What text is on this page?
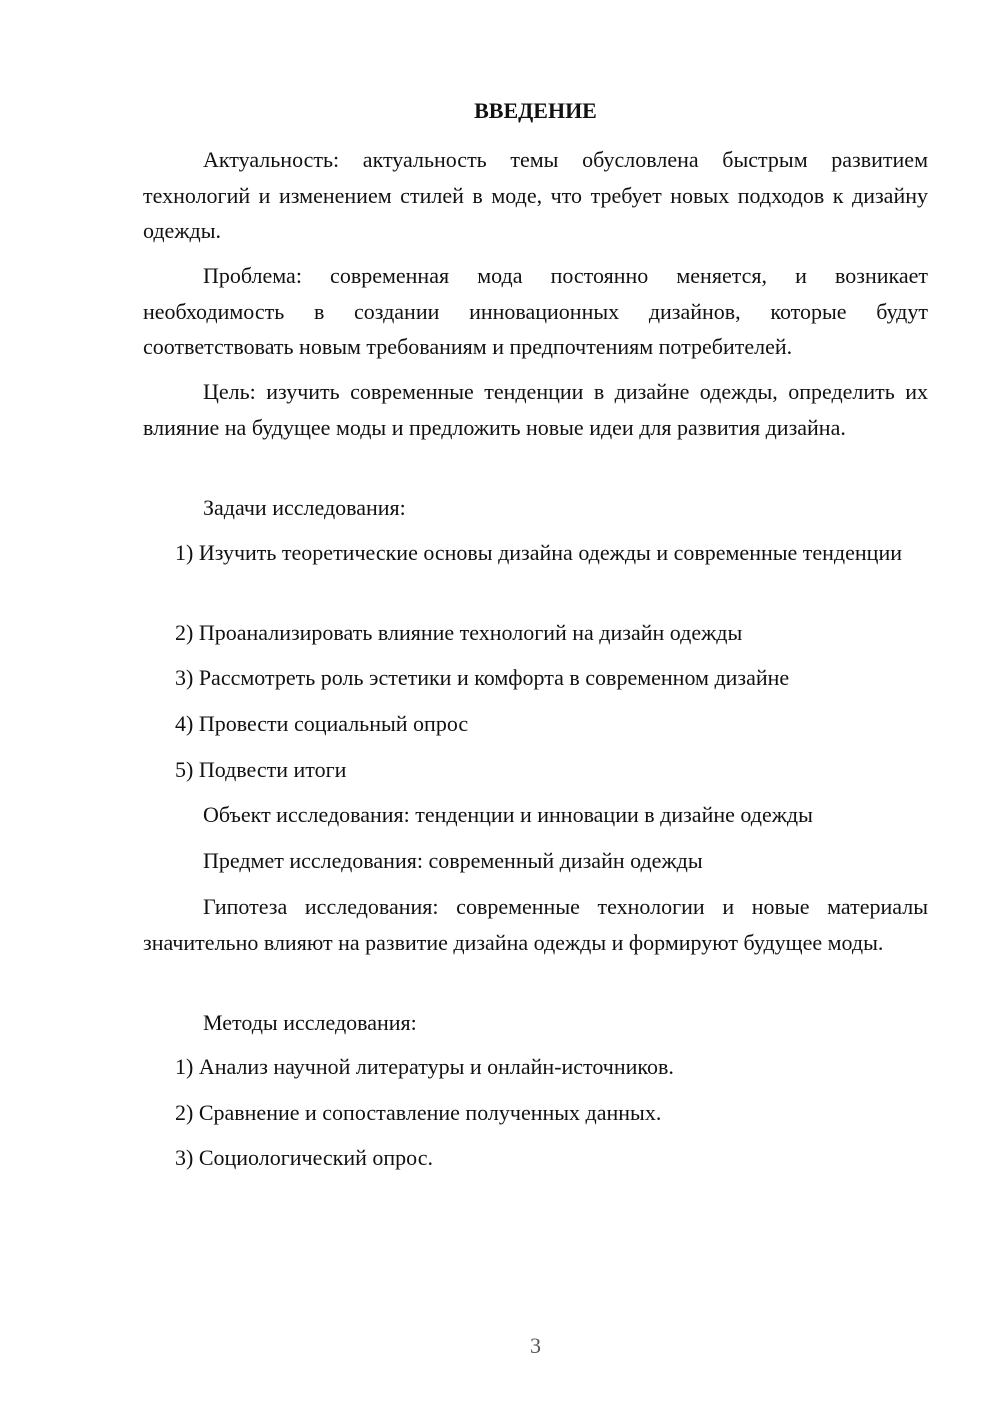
ВВЕДЕНИЕ

Актуальность: актуальность темы обусловлена быстрым развитием технологий и изменением стилей в моде, что требует новых подходов к дизайну одежды.

Проблема: современная мода постоянно меняется, и возникает необходимость в создании инновационных дизайнов, которые будут соответствовать новым требованиям и предпочтениям потребителей.

Цель: изучить современные тенденции в дизайне одежды, определить их влияние на будущее моды и предложить новые идеи для развития дизайна.

Задачи исследования:

1) Изучить теоретические основы дизайна одежды и современные тенденции

2) Проанализировать влияние технологий на дизайн одежды

3) Рассмотреть роль эстетики и комфорта в современном дизайне

4) Провести социальный опрос

5) Подвести итоги

Объект исследования: тенденции и инновации в дизайне одежды

Предмет исследования: современный дизайн одежды

Гипотеза исследования: современные технологии и новые материалы значительно влияют на развитие дизайна одежды и формируют будущее моды.

Методы исследования:

1) Анализ научной литературы и онлайн-источников.

2) Сравнение и сопоставление полученных данных.

3) Социологический опрос.

3
